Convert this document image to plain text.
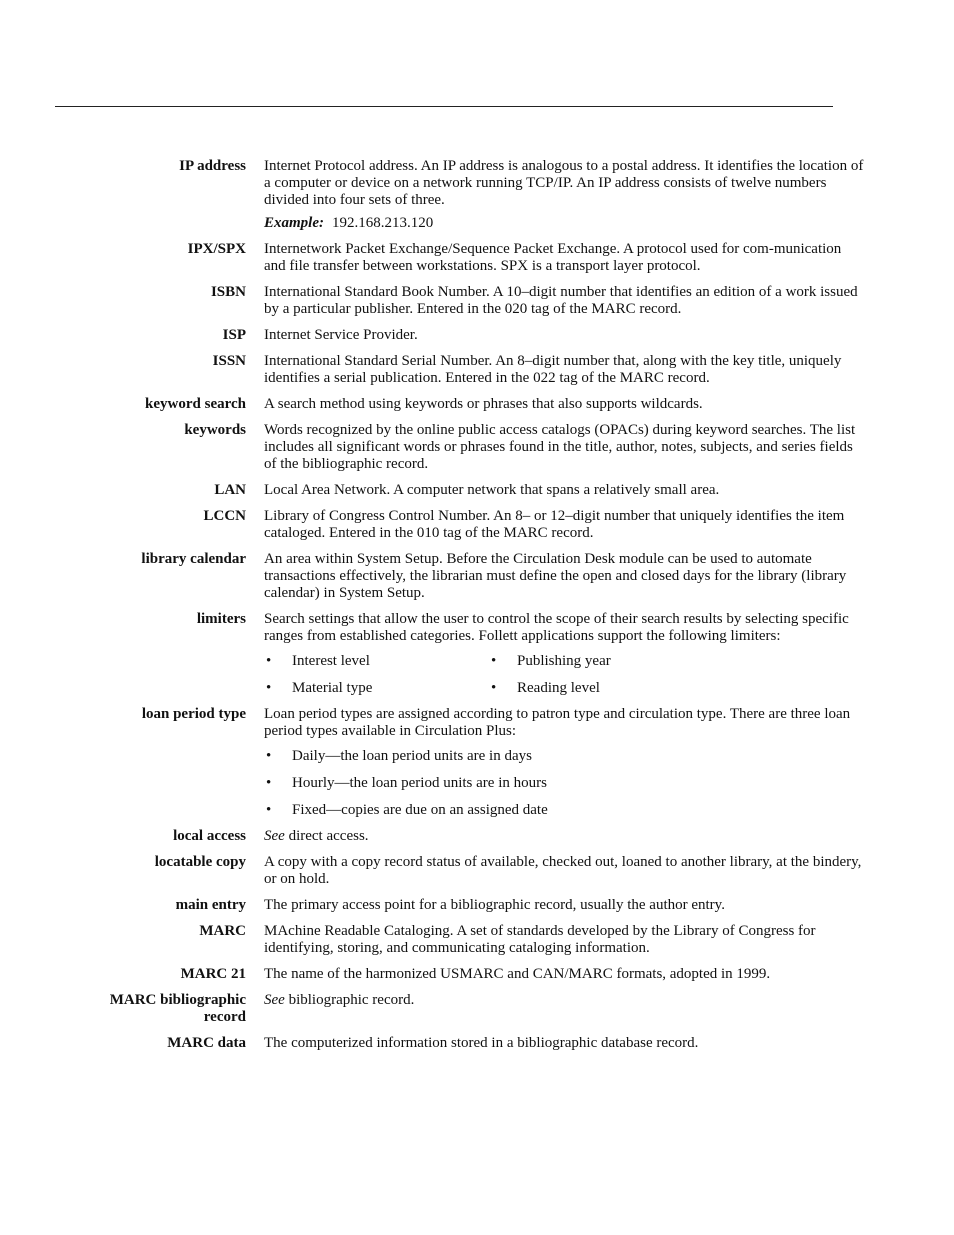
IP address Internet Protocol address. An IP address is analogous to a postal address. It identifies the location of a computer or device on a network running TCP/IP. An IP address consists of twelve numbers divided into four sets of three.

Example: 192.168.213.120

IPX/SPX Internetwork Packet Exchange/Sequence Packet Exchange. A protocol used for com-munication and file transfer between workstations. SPX is a transport layer protocol.
ISBN International Standard Book Number. A 10–digit number that identifies an edition of a work issued by a particular publisher. Entered in the 020 tag of the MARC record.
ISP Internet Service Provider.
ISSN International Standard Serial Number. An 8–digit number that, along with the key title, uniquely identifies a serial publication. Entered in the 022 tag of the MARC record.
keyword search A search method using keywords or phrases that also supports wildcards.
keywords Words recognized by the online public access catalogs (OPACs) during keyword searches. The list includes all significant words or phrases found in the title, author, notes, subjects, and series fields of the bibliographic record.
LAN Local Area Network. A computer network that spans a relatively small area.
LCCN Library of Congress Control Number. An 8– or 12–digit number that uniquely identifies the item cataloged. Entered in the 010 tag of the MARC record.
library calendar An area within System Setup. Before the Circulation Desk module can be used to automate transactions effectively, the librarian must define the open and closed days for the library (library calendar) in System Setup.
limiters Search settings that allow the user to control the scope of their search results by selecting specific ranges from established categories. Follett applications support the following limiters:

• Interest level	• Publishing year
• Material type	• Reading level
loan period type Loan period types are assigned according to patron type and circulation type. There are three loan period types available in Circulation Plus:

• Daily—the loan period units are in days
• Hourly—the loan period units are in hours
• Fixed—copies are due on an assigned date
local access See direct access.
locatable copy A copy with a copy record status of available, checked out, loaned to another library, at the bindery, or on hold.
main entry The primary access point for a bibliographic record, usually the author entry.
MARC MAchine Readable Cataloging. A set of standards developed by the Library of Congress for identifying, storing, and communicating cataloging information.
MARC 21 The name of the harmonized USMARC and CAN/MARC formats, adopted in 1999.
MARC bibliographic
record
See bibliographic record.
MARC data The computerized information stored in a bibliographic database record.
